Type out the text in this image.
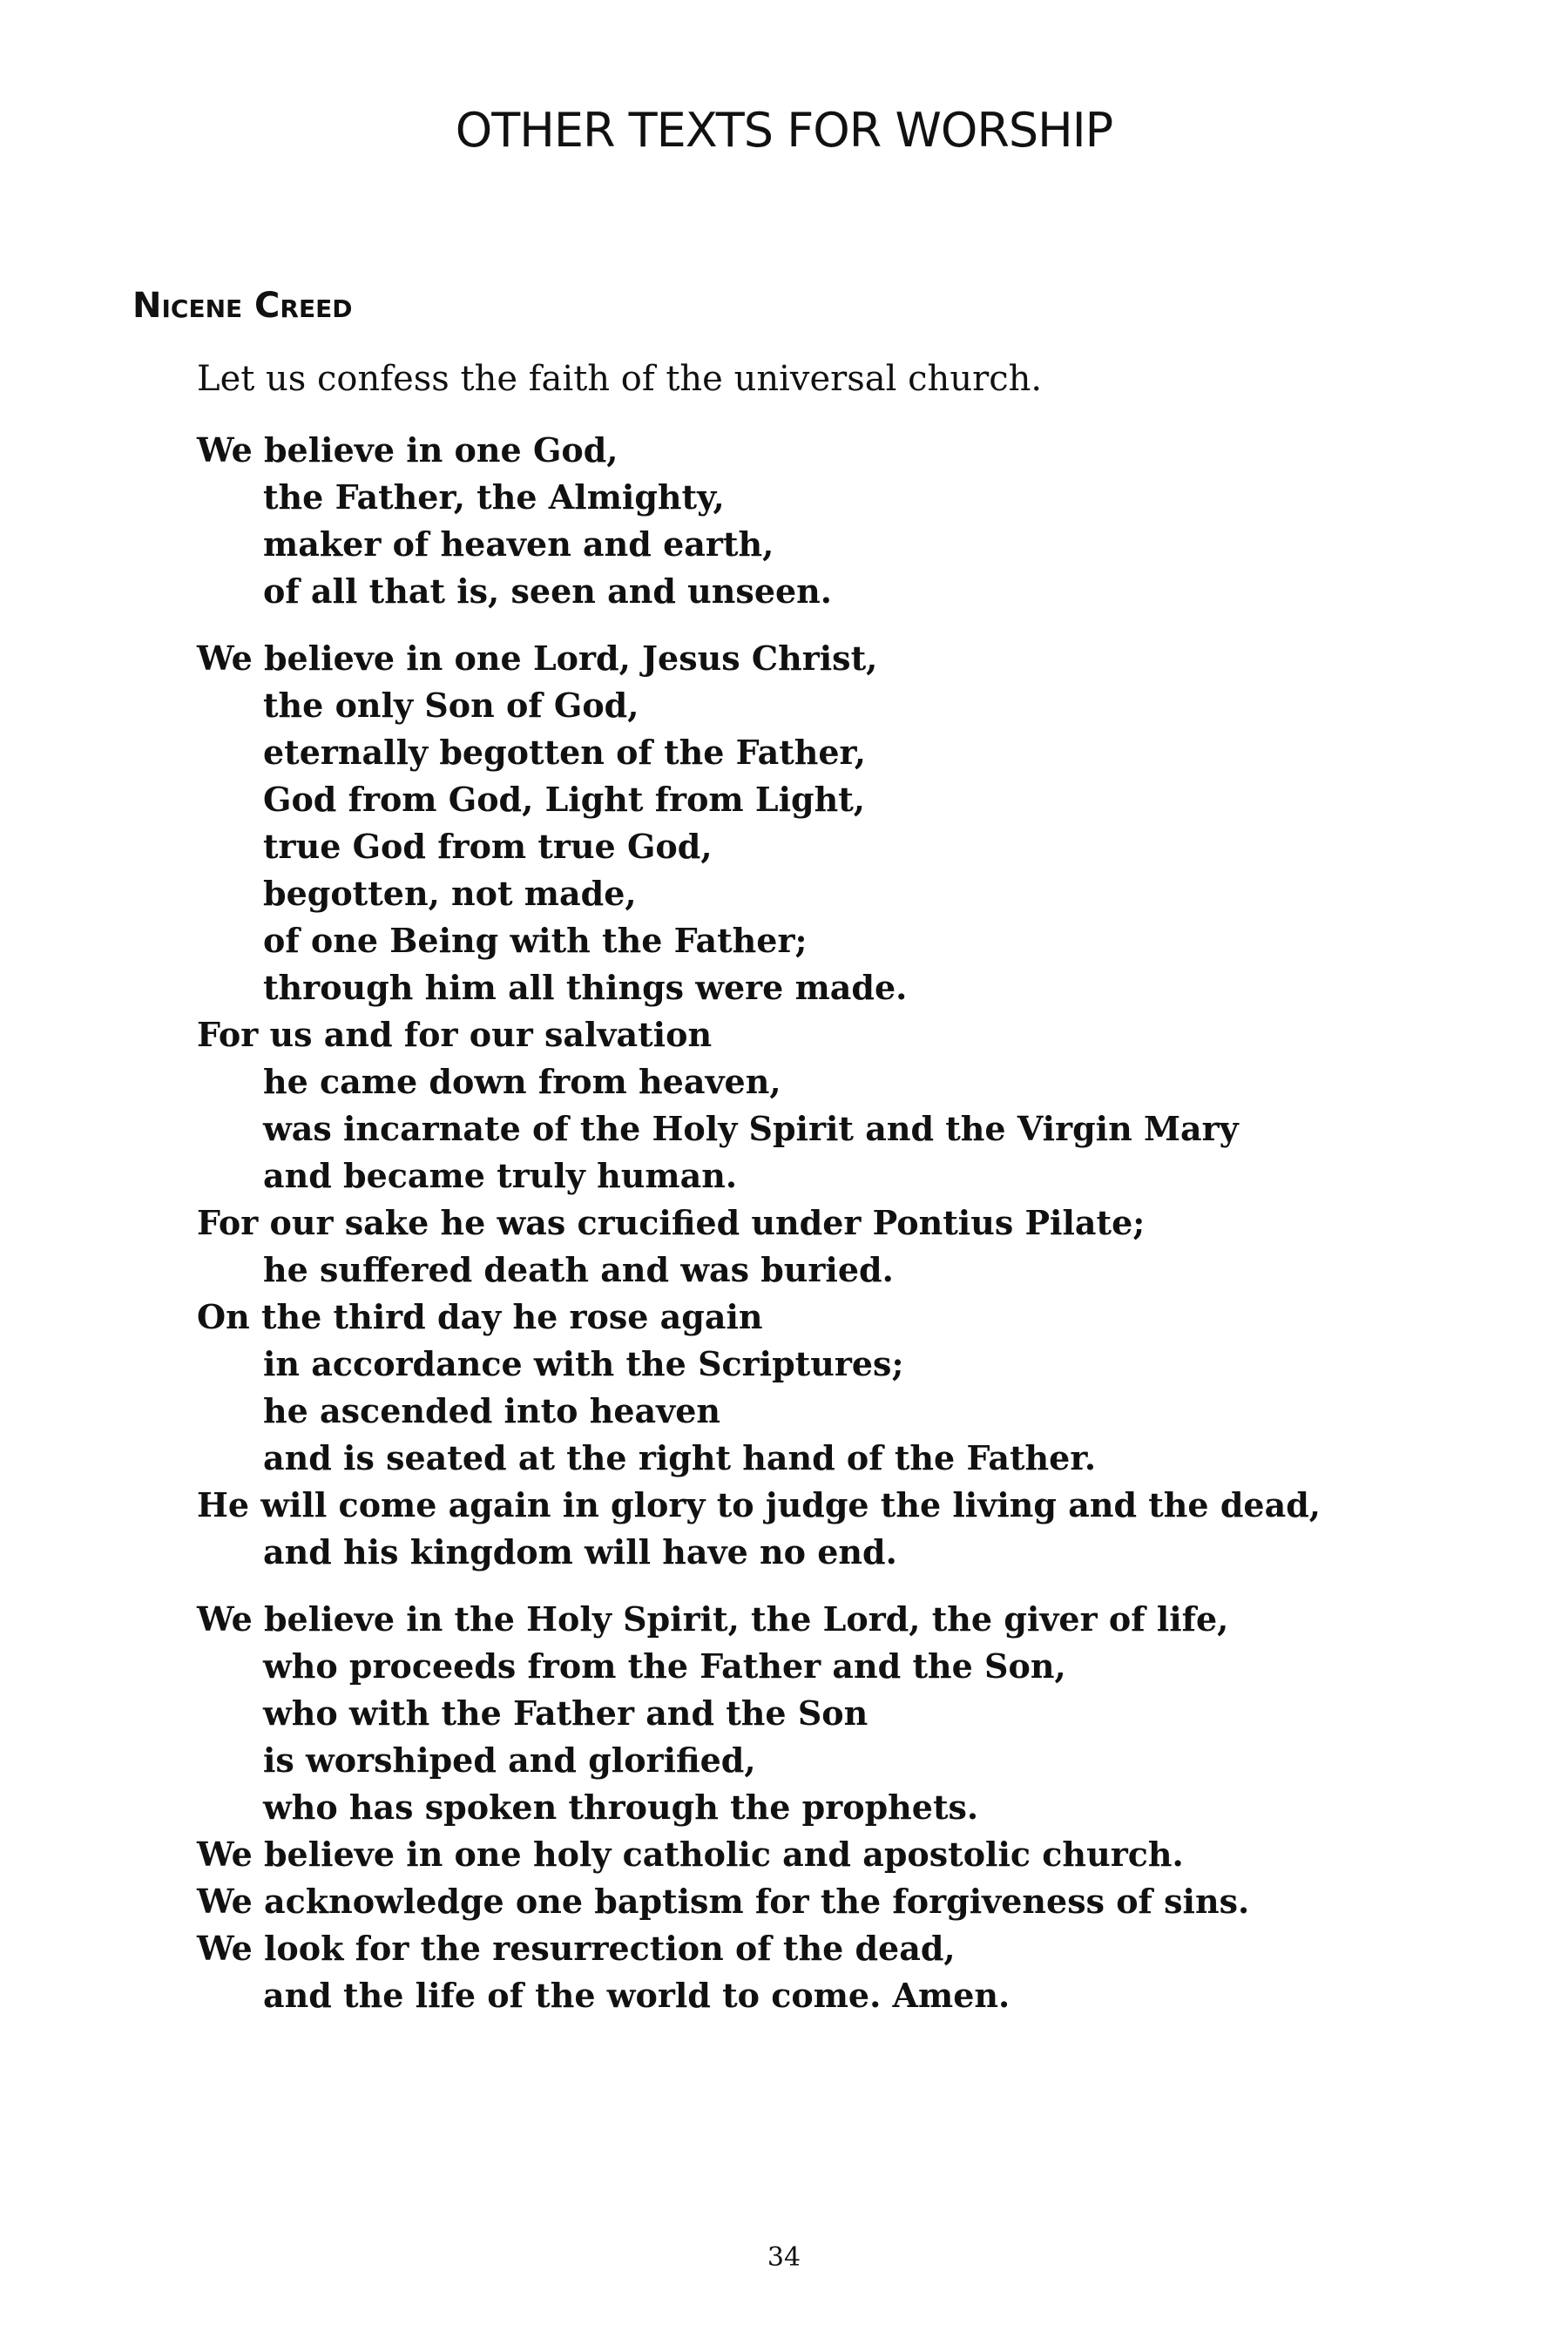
OTHER TEXTS FOR WORSHIP
Nicene Creed

Let us confess the faith of the universal church.

We believe in one God,
the Father, the Almighty,
maker of heaven and earth,
of all that is, seen and unseen.

We believe in one Lord, Jesus Christ,
the only Son of God,
eternally begotten of the Father,
God from God, Light from Light,
true God from true God,
begotten, not made,
of one Being with the Father;
through him all things were made.
For us and for our salvation
he came down from heaven,
was incarnate of the Holy Spirit and the Virgin Mary
and became truly human.
For our sake he was crucified under Pontius Pilate;
he suffered death and was buried.
On the third day he rose again
in accordance with the Scriptures;
he ascended into heaven
and is seated at the right hand of the Father.
He will come again in glory to judge the living and the dead,
and his kingdom will have no end.

We believe in the Holy Spirit, the Lord, the giver of life,
who proceeds from the Father and the Son,
who with the Father and the Son
is worshiped and glorified,
who has spoken through the prophets.
We believe in one holy catholic and apostolic church.
We acknowledge one baptism for the forgiveness of sins.
We look for the resurrection of the dead,
and the life of the world to come. Amen.

34
